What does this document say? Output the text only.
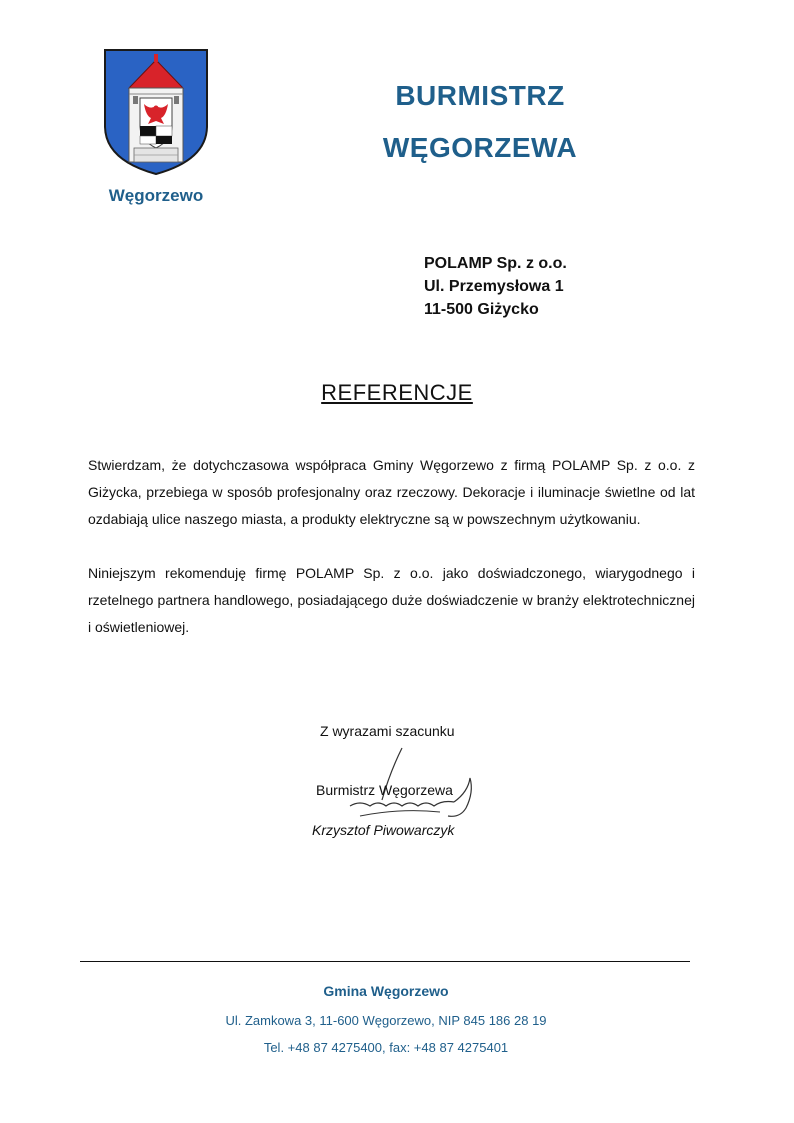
Węgorzewo
BURMISTRZ
WĘGORZEWA
POLAMP Sp. z o.o.
Ul. Przemysłowa 1
11-500 Giżycko
REFERENCJE

Stwierdzam, że dotychczasowa współpraca Gminy Węgorzewo z firmą POLAMP Sp. z o.o. z Giżycka, przebiega w sposób profesjonalny oraz rzeczowy. Dekoracje i iluminacje świetlne od lat ozdabiają ulice naszego miasta, a produkty elektryczne są w powszechnym użytkowaniu.

Niniejszym rekomenduję firmę POLAMP Sp. z o.o. jako doświadczonego, wiarygodnego i rzetelnego partnera handlowego, posiadającego duże doświadczenie w branży elektrotechnicznej i oświetleniowej.

Z wyrazami szacunku
Burmistrz Węgorzewa
Krzysztof Piwowarczyk
Gmina Węgorzewo
Ul. Zamkowa 3, 11-600 Węgorzewo, NIP 845 186 28 19
Tel. +48 87 4275400, fax: +48 87 4275401
